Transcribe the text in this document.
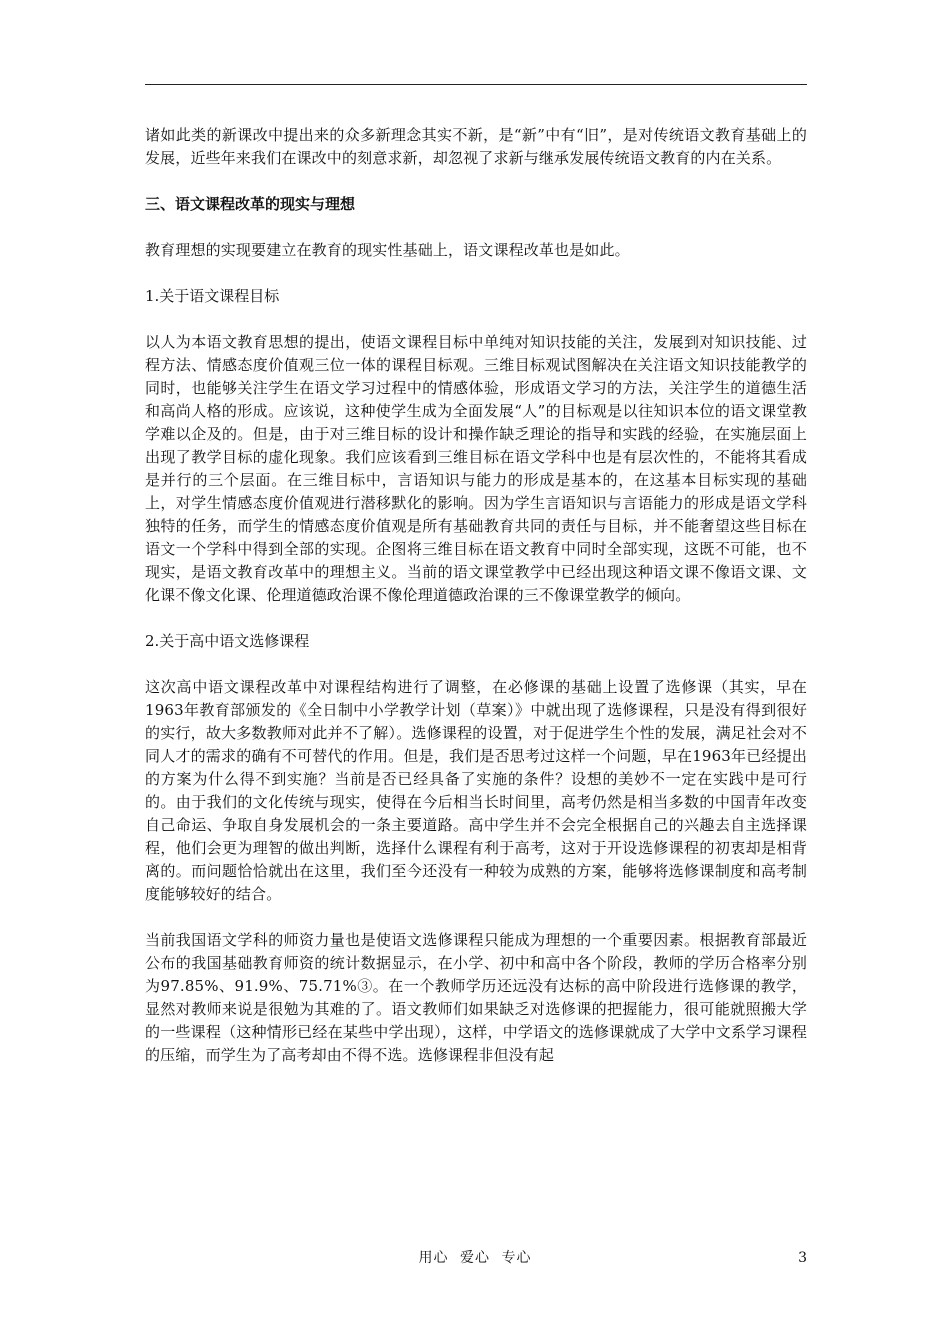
诸如此类的新课改中提出来的众多新理念其实不新，是“新”中有“旧”，是对传统语文教育基础上的发展，近些年来我们在课改中的刻意求新，却忽视了求新与继承发展传统语文教育的内在关系。

三、语文课程改革的现实与理想

教育理想的实现要建立在教育的现实性基础上，语文课程改革也是如此。

1.关于语文课程目标

以人为本语文教育思想的提出，使语文课程目标中单纯对知识技能的关注，发展到对知识技能、过程方法、情感态度价值观三位一体的课程目标观。三维目标观试图解决在关注语文知识技能教学的同时，也能够关注学生在语文学习过程中的情感体验，形成语文学习的方法，关注学生的道德生活和高尚人格的形成。应该说，这种使学生成为全面发展“人”的目标观是以往知识本位的语文课堂教学难以企及的。但是，由于对三维目标的设计和操作缺乏理论的指导和实践的经验，在实施层面上出现了教学目标的虚化现象。我们应该看到三维目标在语文学科中也是有层次性的，不能将其看成是并行的三个层面。在三维目标中，言语知识与能力的形成是基本的，在这基本目标实现的基础上，对学生情感态度价值观进行潜移默化的影响。因为学生言语知识与言语能力的形成是语文学科独特的任务，而学生的情感态度价值观是所有基础教育共同的责任与目标，并不能奢望这些目标在语文一个学科中得到全部的实现。企图将三维目标在语文教育中同时全部实现，这既不可能，也不现实，是语文教育改革中的理想主义。当前的语文课堂教学中已经出现这种语文课不像语文课、文化课不像文化课、伦理道德政治课不像伦理道德政治课的三不像课堂教学的倾向。

2.关于高中语文选修课程

这次高中语文课程改革中对课程结构进行了调整，在必修课的基础上设置了选修课（其实，早在1963年教育部颁发的《全日制中小学教学计划（草案）》中就出现了选修课程，只是没有得到很好的实行，故大多数教师对此并不了解）。选修课程的设置，对于促进学生个性的发展，满足社会对不同人才的需求的确有不可替代的作用。但是，我们是否思考过这样一个问题，早在1963年已经提出的方案为什么得不到实施？当前是否已经具备了实施的条件？设想的美妙不一定在实践中是可行的。由于我们的文化传统与现实，使得在今后相当长时间里，高考仍然是相当多数的中国青年改变自己命运、争取自身发展机会的一条主要道路。高中学生并不会完全根据自己的兴趣去自主选择课程，他们会更为理智的做出判断，选择什么课程有利于高考，这对于开设选修课程的初衷却是相背离的。而问题恰恰就出在这里，我们至今还没有一种较为成熟的方案，能够将选修课制度和高考制度能够较好的结合。

当前我国语文学科的师资力量也是使语文选修课程只能成为理想的一个重要因素。根据教育部最近公布的我国基础教育师资的统计数据显示，在小学、初中和高中各个阶段，教师的学历合格率分别为97.85%、91.9%、75.71%③。在一个教师学历还远没有达标的高中阶段进行选修课的教学，显然对教师来说是很勉为其难的了。语文教师们如果缺乏对选修课的把握能力，很可能就照搬大学的一些课程（这种情形已经在某些中学出现），这样，中学语文的选修课就成了大学中文系学习课程的压缩，而学生为了高考却由不得不选。选修课程非但没有起

用心 爱心 专心	3
